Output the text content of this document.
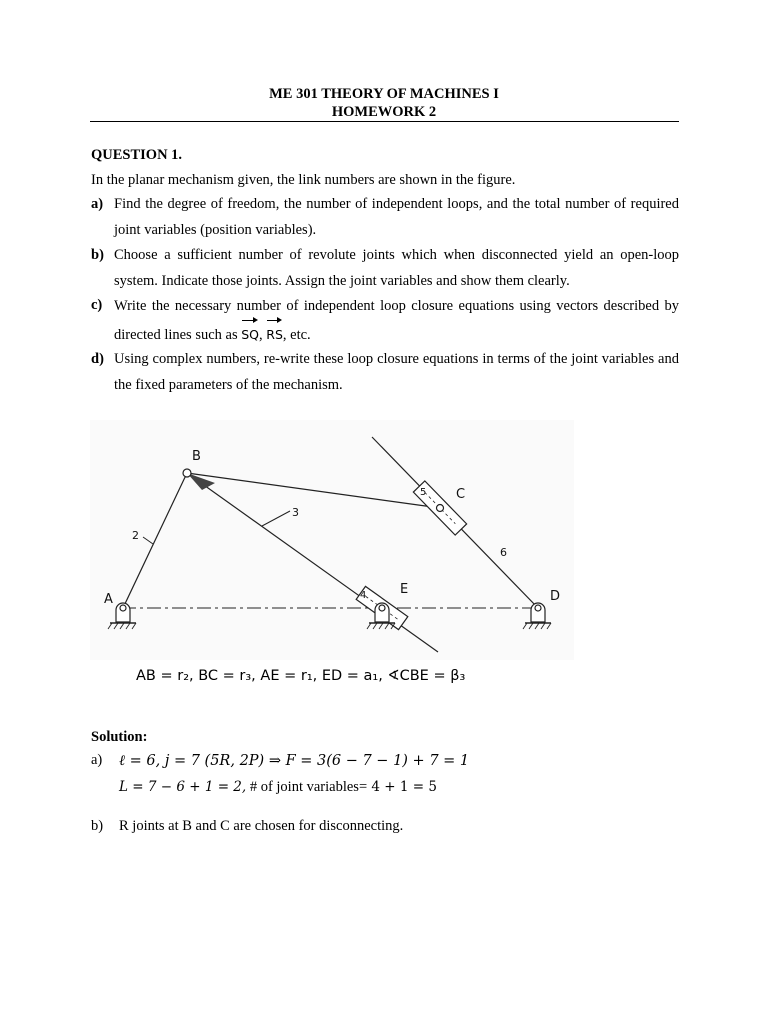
ME 301 THEORY OF MACHINES I
HOMEWORK 2
QUESTION 1.
In the planar mechanism given, the link numbers are shown in the figure.
a) Find the degree of freedom, the number of independent loops, and the total number of required joint variables (position variables).
b) Choose a sufficient number of revolute joints which when disconnected yield an open-loop system. Indicate those joints. Assign the joint variables and show them clearly.
c) Write the necessary number of independent loop closure equations using vectors described by directed lines such as SQ, RS, etc.
d) Using complex numbers, re-write these loop closure equations in terms of the joint variables and the fixed parameters of the mechanism.
B
A
C
D
E
2
3
4
5
6
AB = r₂, BC = r₃, AE = r₁, ED = a₁, ∢CBE = β₃
Solution:
a) ℓ = 6, j = 7 (5R, 2P) ⇒ F = 3(6 − 7 − 1) + 7 = 1
L = 7 − 6 + 1 = 2, # of joint variables= 4 + 1 = 5
b) R joints at B and C are chosen for disconnecting.
